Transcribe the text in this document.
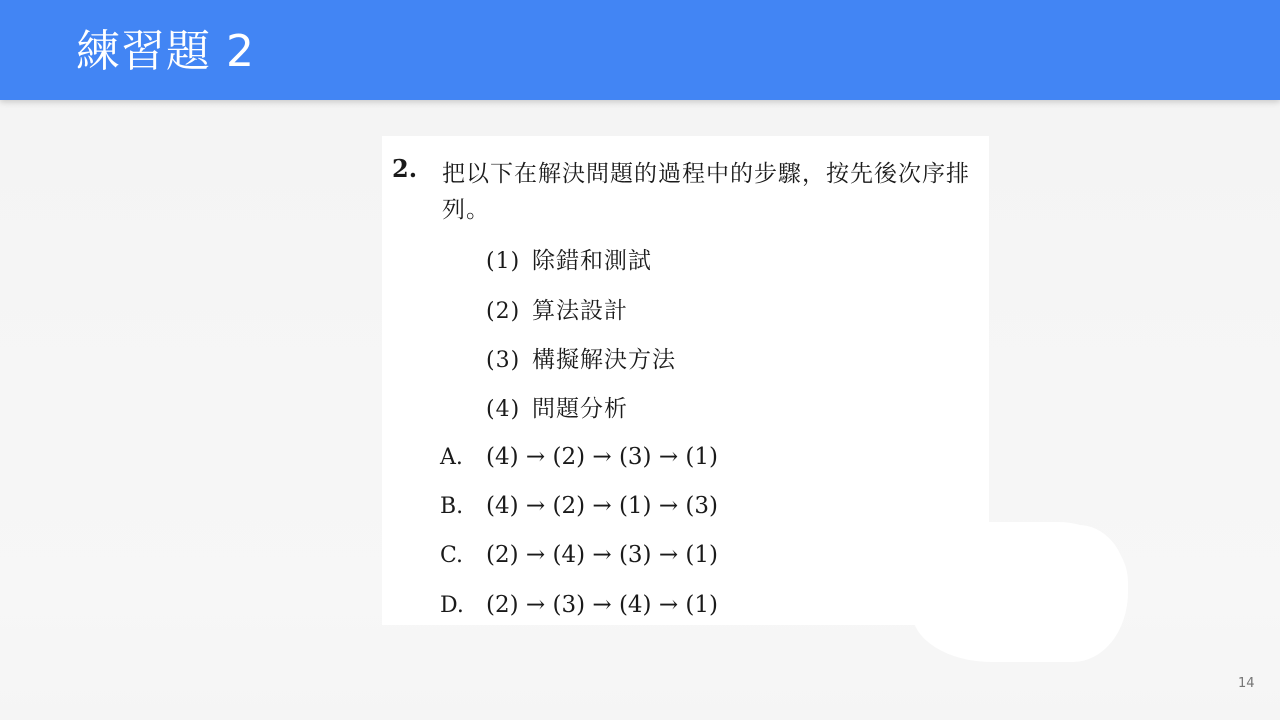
練習題 2
2. 把以下在解決問題的過程中的步驟，按先後次序排列。
(1) 除錯和測試
(2) 算法設計
(3) 構擬解決方法
(4) 問題分析
A. (4) → (2) → (3) → (1)
B. (4) → (2) → (1) → (3)
C. (2) → (4) → (3) → (1)
D. (2) → (3) → (4) → (1)
14
